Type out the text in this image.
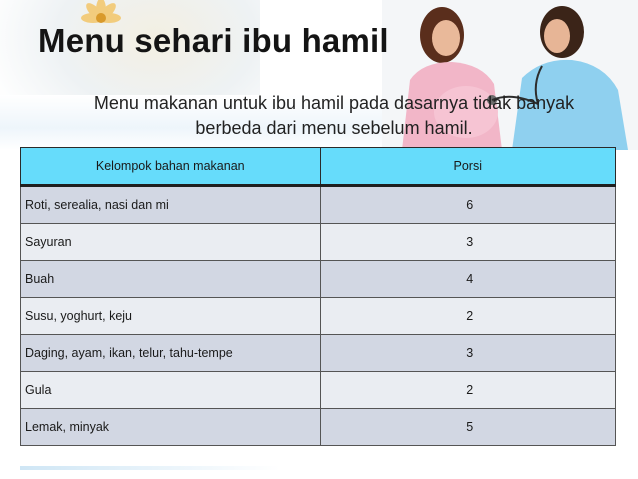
Menu sehari ibu hamil
Menu makanan untuk ibu hamil pada dasarnya tidak banyak berbeda dari menu sebelum hamil.
Kelompok bahan makanan	Porsi
Roti, serealia, nasi dan mi	6
Sayuran	3
Buah	4
Susu, yoghurt, keju	2
Daging, ayam, ikan, telur, tahu-tempe	3
Gula	2
Lemak, minyak	5
